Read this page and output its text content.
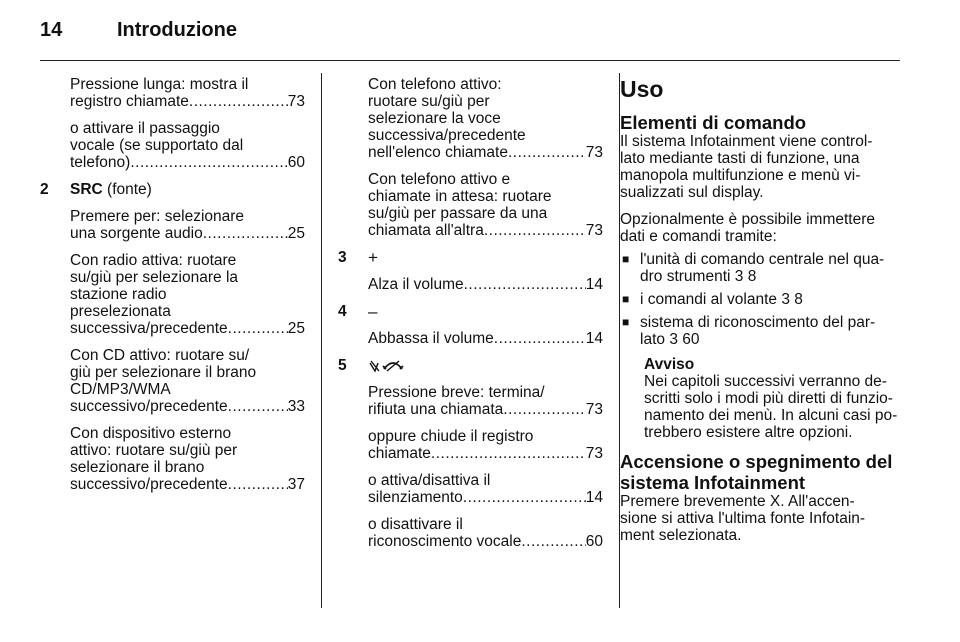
14	Introduzione
Pressione lunga: mostra il
registro chiamate .....	73
o attivare il passaggio
vocale (se supportato dal
telefono) .....	60
2	SRC (fonte)
Premere per: selezionare
una sorgente audio .....	25
Con radio attiva: ruotare
su/giù per selezionare la
stazione radio
preselezionata
successiva/precedente .....	25
Con CD attivo: ruotare su/
giù per selezionare il brano
CD/MP3/WMA
successivo/precedente .....	33
Con dispositivo esterno
attivo: ruotare su/giù per
selezionare il brano
successivo/precedente .....	37
Con telefono attivo:
ruotare su/giù per
selezionare la voce
successiva/precedente
nell'elenco chiamate .....	73
Con telefono attivo e
chiamate in attesa: ruotare
su/giù per passare da una
chiamata all'altra .....	73
3	+
Alza il volume .....	14
4	–
Abbassa il volume .....	14
5
Pressione breve: termina/
rifiuta una chiamata .....	73
oppure chiude il registro
chiamate .....	73
o attiva/disattiva il
silenziamento .....	14
o disattivare il
riconoscimento vocale .....	60
Uso
Elementi di comando
Il sistema Infotainment viene control-
lato mediante tasti di funzione, una
manopola multifunzione e menù vi-
sualizzati sul display.
Opzionalmente è possibile immettere
dati e comandi tramite:
■ l'unità di comando centrale nel qua-
dro strumenti 3 8
■ i comandi al volante 3 8
■ sistema di riconoscimento del par-
lato 3 60
Avviso
Nei capitoli successivi verranno de-
scritti solo i modi più diretti di funzio-
namento dei menù. In alcuni casi po-
trebbero esistere altre opzioni.
Accensione o spegnimento del
sistema Infotainment
Premere brevemente X. All'accen-
sione si attiva l'ultima fonte Infotain-
ment selezionata.
